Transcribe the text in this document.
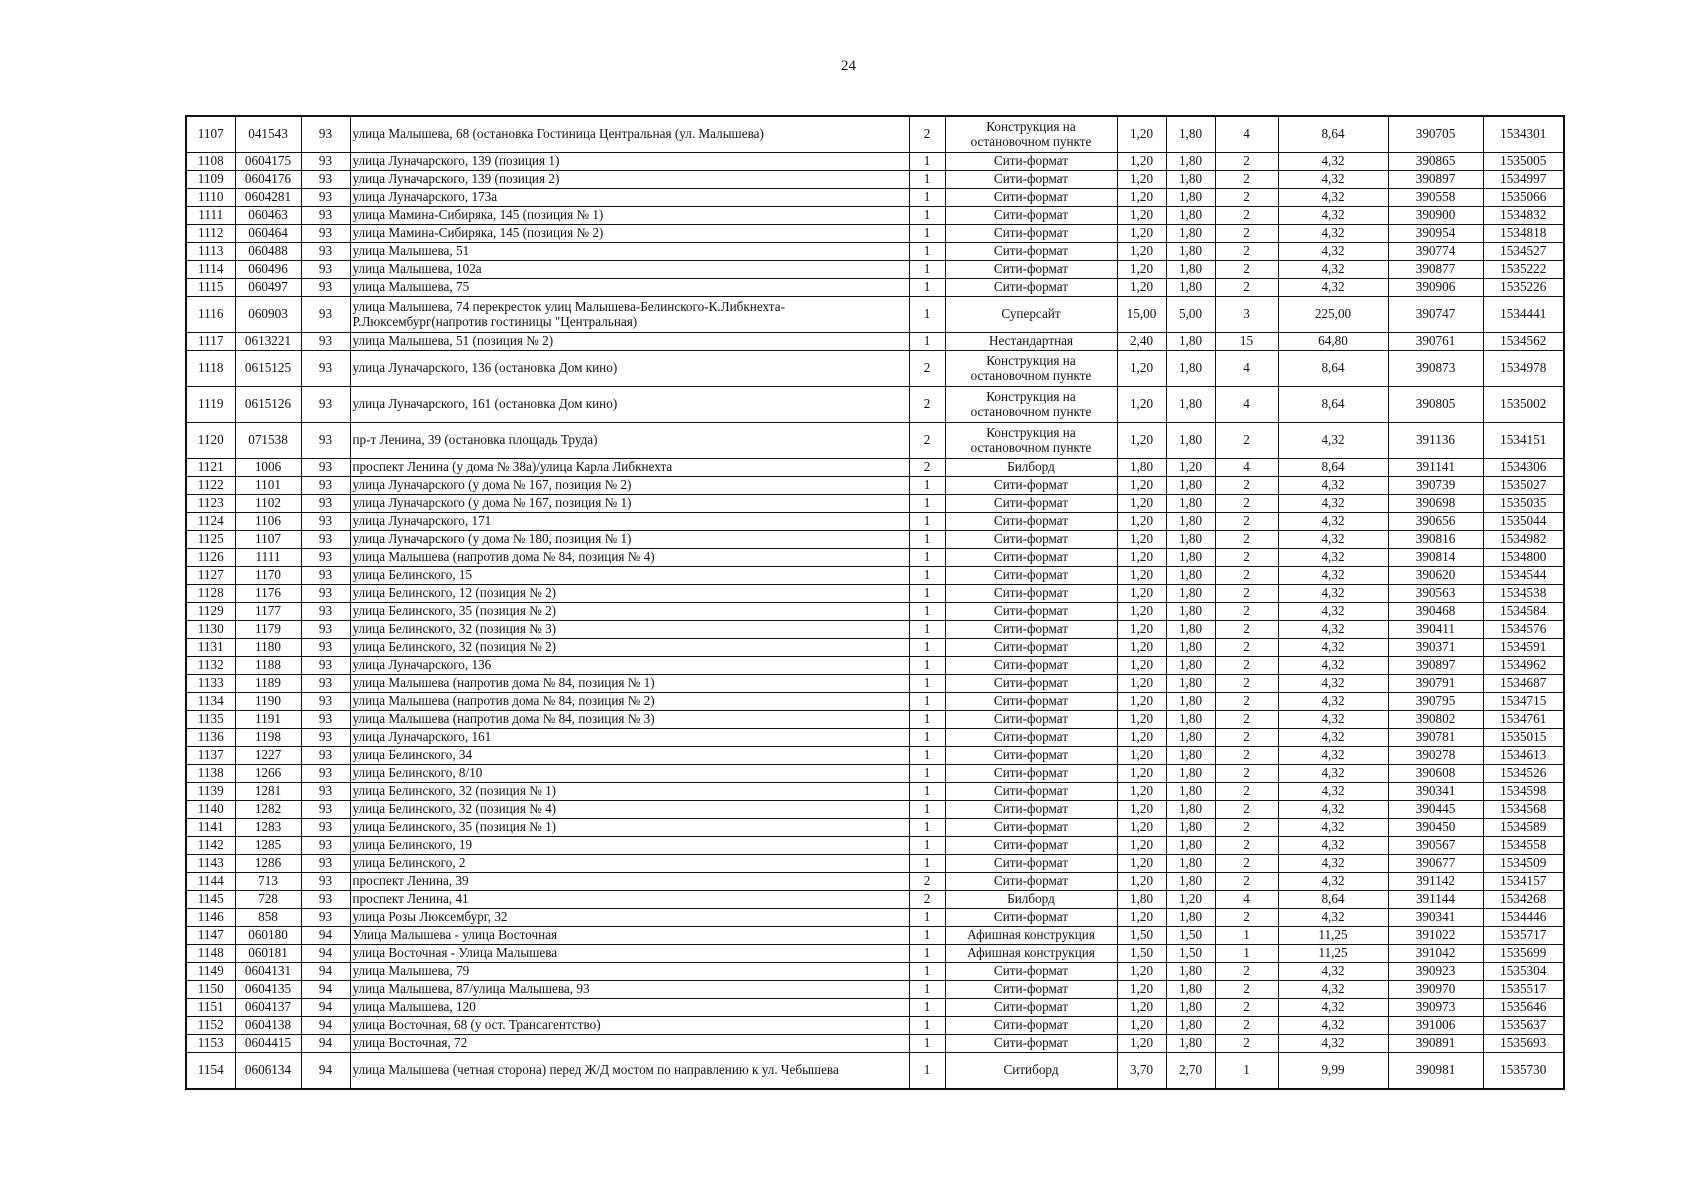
24
1107	041543	93	улица Малышева, 68 (остановка Гостиница Центральная (ул. Малышева)	2	Конструкция на остановочном пункте	1,20	1,80	4	8,64	390705	1534301
1108	0604175	93	улица Луначарского, 139 (позиция 1)	1	Сити-формат	1,20	1,80	2	4,32	390865	1535005
1109	0604176	93	улица Луначарского, 139 (позиция 2)	1	Сити-формат	1,20	1,80	2	4,32	390897	1534997
1110	0604281	93	улица Луначарского, 173а	1	Сити-формат	1,20	1,80	2	4,32	390558	1535066
1111	060463	93	улица Мамина-Сибиряка, 145 (позиция № 1)	1	Сити-формат	1,20	1,80	2	4,32	390900	1534832
1112	060464	93	улица Мамина-Сибиряка, 145 (позиция № 2)	1	Сити-формат	1,20	1,80	2	4,32	390954	1534818
1113	060488	93	улица Малышева, 51	1	Сити-формат	1,20	1,80	2	4,32	390774	1534527
1114	060496	93	улица Малышева, 102а	1	Сити-формат	1,20	1,80	2	4,32	390877	1535222
1115	060497	93	улица Малышева, 75	1	Сити-формат	1,20	1,80	2	4,32	390906	1535226
1116	060903	93	улица Малышева, 74 перекресток улиц Малышева-Белинского-К.Либкнехта-Р.Люксембург(напротив гостиницы "Центральная)	1	Суперсайт	15,00	5,00	3	225,00	390747	1534441
1117	0613221	93	улица Малышева, 51 (позиция № 2)	1	Нестандартная	2,40	1,80	15	64,80	390761	1534562
1118	0615125	93	улица Луначарского, 136 (остановка Дом кино)	2	Конструкция на остановочном пункте	1,20	1,80	4	8,64	390873	1534978
1119	0615126	93	улица Луначарского, 161 (остановка Дом кино)	2	Конструкция на остановочном пункте	1,20	1,80	4	8,64	390805	1535002
1120	071538	93	пр-т Ленина, 39 (остановка площадь Труда)	2	Конструкция на остановочном пункте	1,20	1,80	2	4,32	391136	1534151
1121	1006	93	проспект Ленина (у дома № 38а)/улица Карла Либкнехта	2	Билборд	1,80	1,20	4	8,64	391141	1534306
1122	1101	93	улица Луначарского (у дома № 167, позиция № 2)	1	Сити-формат	1,20	1,80	2	4,32	390739	1535027
1123	1102	93	улица Луначарского (у дома № 167, позиция № 1)	1	Сити-формат	1,20	1,80	2	4,32	390698	1535035
1124	1106	93	улица Луначарского, 171	1	Сити-формат	1,20	1,80	2	4,32	390656	1535044
1125	1107	93	улица Луначарского (у дома № 180, позиция № 1)	1	Сити-формат	1,20	1,80	2	4,32	390816	1534982
1126	1111	93	улица Малышева (напротив дома № 84, позиция № 4)	1	Сити-формат	1,20	1,80	2	4,32	390814	1534800
1127	1170	93	улица Белинского, 15	1	Сити-формат	1,20	1,80	2	4,32	390620	1534544
1128	1176	93	улица Белинского, 12 (позиция № 2)	1	Сити-формат	1,20	1,80	2	4,32	390563	1534538
1129	1177	93	улица Белинского, 35 (позиция № 2)	1	Сити-формат	1,20	1,80	2	4,32	390468	1534584
1130	1179	93	улица Белинского, 32 (позиция № 3)	1	Сити-формат	1,20	1,80	2	4,32	390411	1534576
1131	1180	93	улица Белинского, 32 (позиция № 2)	1	Сити-формат	1,20	1,80	2	4,32	390371	1534591
1132	1188	93	улица Луначарского, 136	1	Сити-формат	1,20	1,80	2	4,32	390897	1534962
1133	1189	93	улица Малышева (напротив дома № 84, позиция № 1)	1	Сити-формат	1,20	1,80	2	4,32	390791	1534687
1134	1190	93	улица Малышева (напротив дома № 84, позиция № 2)	1	Сити-формат	1,20	1,80	2	4,32	390795	1534715
1135	1191	93	улица Малышева (напротив дома № 84, позиция № 3)	1	Сити-формат	1,20	1,80	2	4,32	390802	1534761
1136	1198	93	улица Луначарского, 161	1	Сити-формат	1,20	1,80	2	4,32	390781	1535015
1137	1227	93	улица Белинского, 34	1	Сити-формат	1,20	1,80	2	4,32	390278	1534613
1138	1266	93	улица Белинского, 8/10	1	Сити-формат	1,20	1,80	2	4,32	390608	1534526
1139	1281	93	улица Белинского, 32 (позиция № 1)	1	Сити-формат	1,20	1,80	2	4,32	390341	1534598
1140	1282	93	улица Белинского, 32 (позиция № 4)	1	Сити-формат	1,20	1,80	2	4,32	390445	1534568
1141	1283	93	улица Белинского, 35 (позиция № 1)	1	Сити-формат	1,20	1,80	2	4,32	390450	1534589
1142	1285	93	улица Белинского, 19	1	Сити-формат	1,20	1,80	2	4,32	390567	1534558
1143	1286	93	улица Белинского, 2	1	Сити-формат	1,20	1,80	2	4,32	390677	1534509
1144	713	93	проспект Ленина, 39	2	Сити-формат	1,20	1,80	2	4,32	391142	1534157
1145	728	93	проспект Ленина, 41	2	Билборд	1,80	1,20	4	8,64	391144	1534268
1146	858	93	улица Розы Люксембург, 32	1	Сити-формат	1,20	1,80	2	4,32	390341	1534446
1147	060180	94	Улица Малышева - улица Восточная	1	Афишная конструкция	1,50	1,50	1	11,25	391022	1535717
1148	060181	94	улица Восточная - Улица Малышева	1	Афишная конструкция	1,50	1,50	1	11,25	391042	1535699
1149	0604131	94	улица Малышева, 79	1	Сити-формат	1,20	1,80	2	4,32	390923	1535304
1150	0604135	94	улица Малышева, 87/улица Малышева, 93	1	Сити-формат	1,20	1,80	2	4,32	390970	1535517
1151	0604137	94	улица Малышева, 120	1	Сити-формат	1,20	1,80	2	4,32	390973	1535646
1152	0604138	94	улица Восточная, 68 (у ост. Трансагентство)	1	Сити-формат	1,20	1,80	2	4,32	391006	1535637
1153	0604415	94	улица Восточная, 72	1	Сити-формат	1,20	1,80	2	4,32	390891	1535693
1154	0606134	94	улица Малышева (четная сторона) перед Ж/Д мостом по направлению к ул. Чебышева	1	Ситиборд	3,70	2,70	1	9,99	390981	1535730
